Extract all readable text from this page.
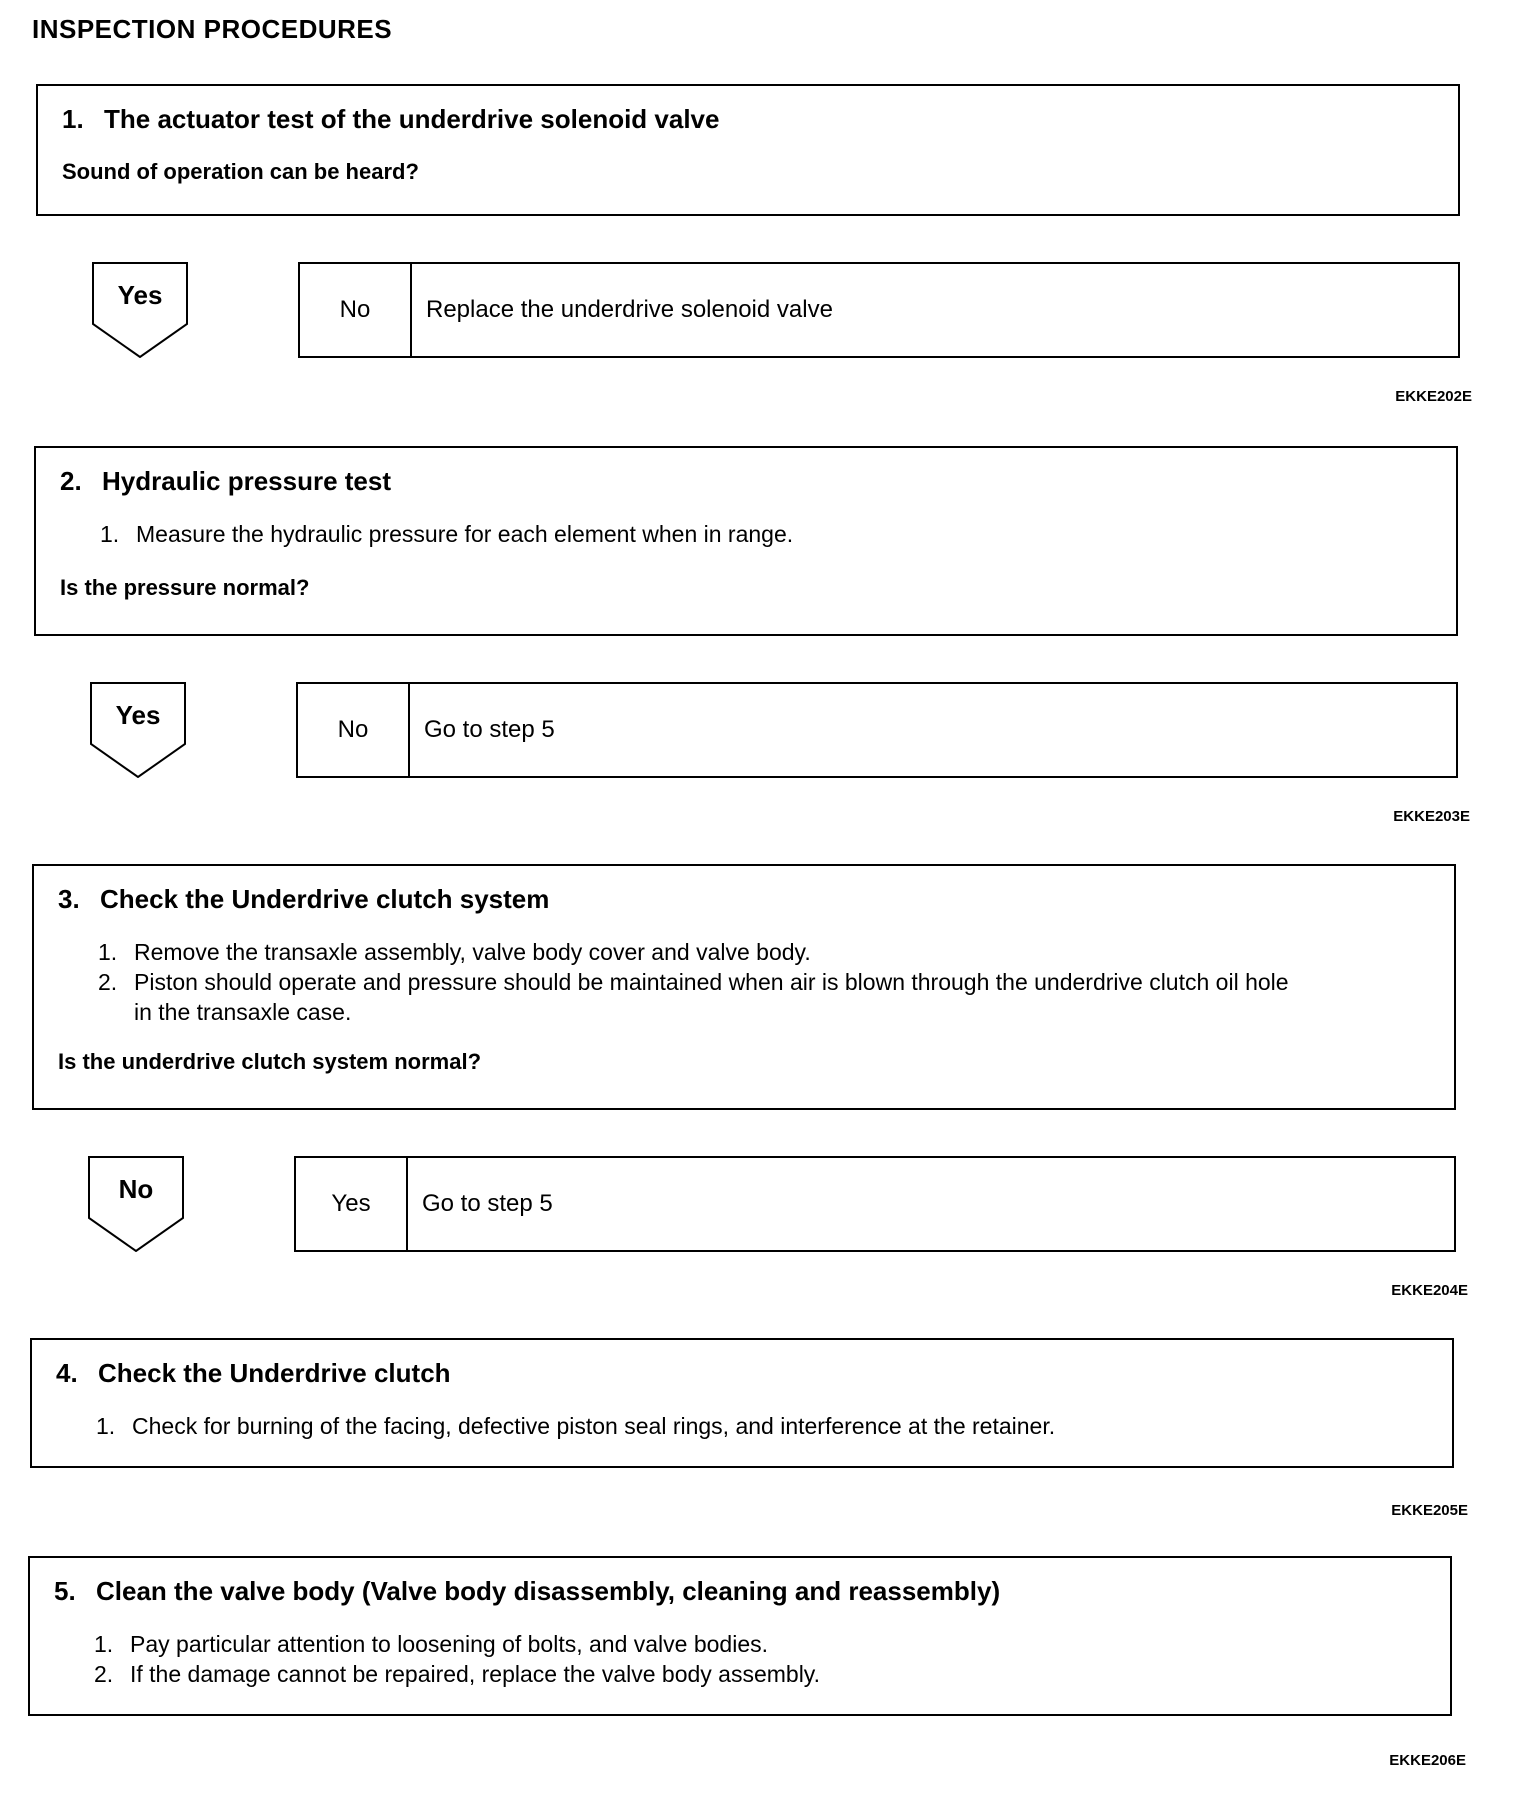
INSPECTION PROCEDURES
1. The actuator test of the underdrive solenoid valve
Sound of operation can be heard?
Yes	No	Replace the underdrive solenoid valve
EKKE202E
2. Hydraulic pressure test
1. Measure the hydraulic pressure for each element when in range.
Is the pressure normal?
Yes	No	Go to step 5
EKKE203E
3. Check the Underdrive clutch system
1. Remove the transaxle assembly, valve body cover and valve body.
2. Piston should operate and pressure should be maintained when air is blown through the underdrive clutch oil hole in the transaxle case.
Is the underdrive clutch system normal?
No	Yes	Go to step 5
EKKE204E
4. Check the Underdrive clutch
1. Check for burning of the facing, defective piston seal rings, and interference at the retainer.
EKKE205E
5. Clean the valve body (Valve body disassembly, cleaning and reassembly)
1. Pay particular attention to loosening of bolts, and valve bodies.
2. If the damage cannot be repaired, replace the valve body assembly.
EKKE206E
